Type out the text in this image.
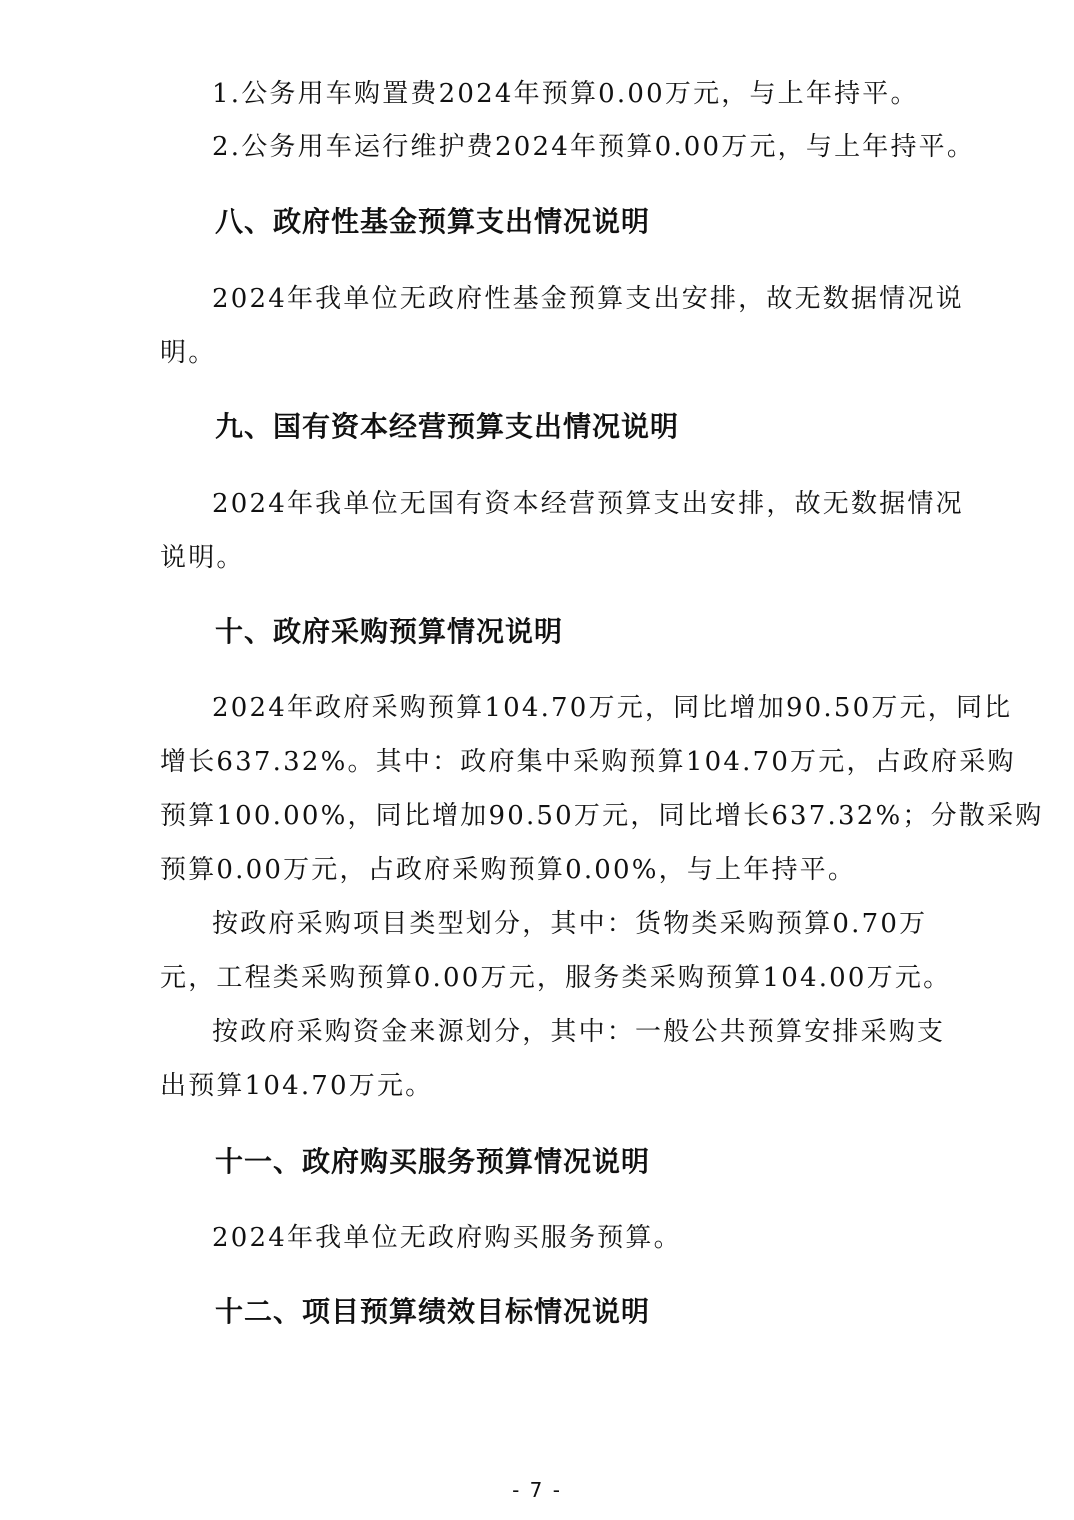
1.公务用车购置费2024年预算0.00万元，与上年持平。
2.公务用车运行维护费2024年预算0.00万元，与上年持平。
八、政府性基金预算支出情况说明
2024年我单位无政府性基金预算支出安排，故无数据情况说
明。
九、国有资本经营预算支出情况说明
2024年我单位无国有资本经营预算支出安排，故无数据情况
说明。
十、政府采购预算情况说明
2024年政府采购预算104.70万元，同比增加90.50万元，同比
增长637.32%。其中：政府集中采购预算104.70万元，占政府采购
预算100.00%，同比增加90.50万元，同比增长637.32%；分散采购
预算0.00万元，占政府采购预算0.00%，与上年持平。
按政府采购项目类型划分，其中：货物类采购预算0.70万
元，工程类采购预算0.00万元，服务类采购预算104.00万元。
按政府采购资金来源划分，其中：一般公共预算安排采购支
出预算104.70万元。
十一、政府购买服务预算情况说明
2024年我单位无政府购买服务预算。
十二、项目预算绩效目标情况说明
- 7 -
